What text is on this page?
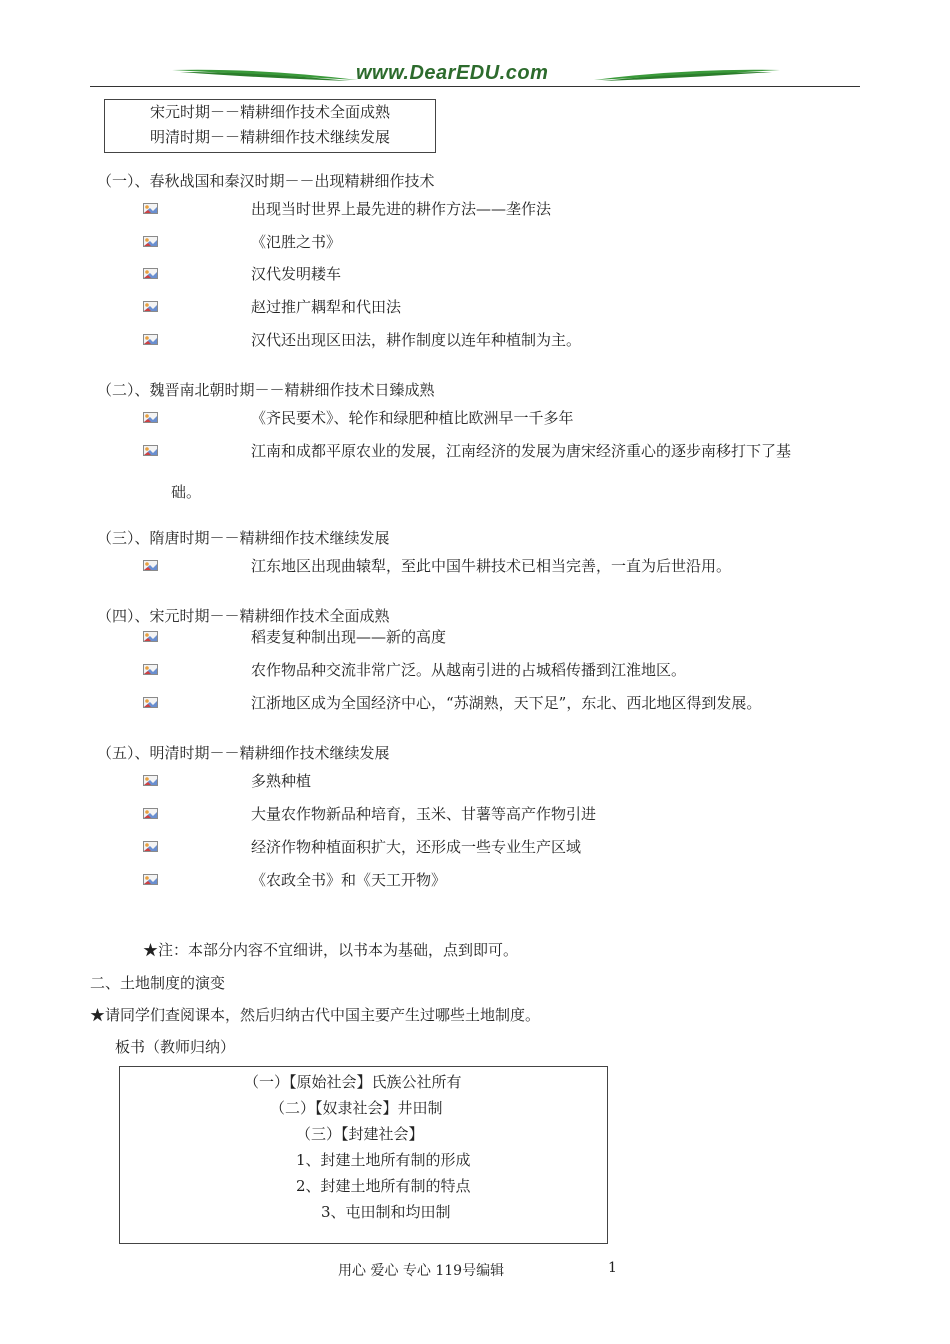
www.DearEDU.com
宋元时期－－精耕细作技术全面成熟
明清时期－－精耕细作技术继续发展
（一）、春秋战国和秦汉时期－－出现精耕细作技术
出现当时世界上最先进的耕作方法——垄作法
《氾胜之书》
汉代发明耧车
赵过推广耦犁和代田法
汉代还出现区田法，耕作制度以连年种植制为主。
（二）、魏晋南北朝时期－－精耕细作技术日臻成熟
《齐民要术》、轮作和绿肥种植比欧洲早一千多年
江南和成都平原农业的发展，江南经济的发展为唐宋经济重心的逐步南移打下了基
础。
（三）、隋唐时期－－精耕细作技术继续发展
江东地区出现曲辕犁，至此中国牛耕技术已相当完善，一直为后世沿用。
（四）、宋元时期－－精耕细作技术全面成熟
稻麦复种制出现——新的高度
农作物品种交流非常广泛。从越南引进的占城稻传播到江淮地区。
江浙地区成为全国经济中心，“苏湖熟，天下足”，东北、西北地区得到发展。
（五）、明清时期－－精耕细作技术继续发展
多熟种植
大量农作物新品种培育，玉米、甘薯等高产作物引进
经济作物种植面积扩大，还形成一些专业生产区域
《农政全书》和《天工开物》
★注：本部分内容不宜细讲，以书本为基础，点到即可。
二、土地制度的演变
★请同学们查阅课本，然后归纳古代中国主要产生过哪些土地制度。
板书（教师归纳）
（一）【原始社会】氏族公社所有
（二）【奴隶社会】井田制
（三）【封建社会】
1、封建土地所有制的形成
2、封建土地所有制的特点
3、屯田制和均田制
用心 爱心 专心 119号编辑	1
